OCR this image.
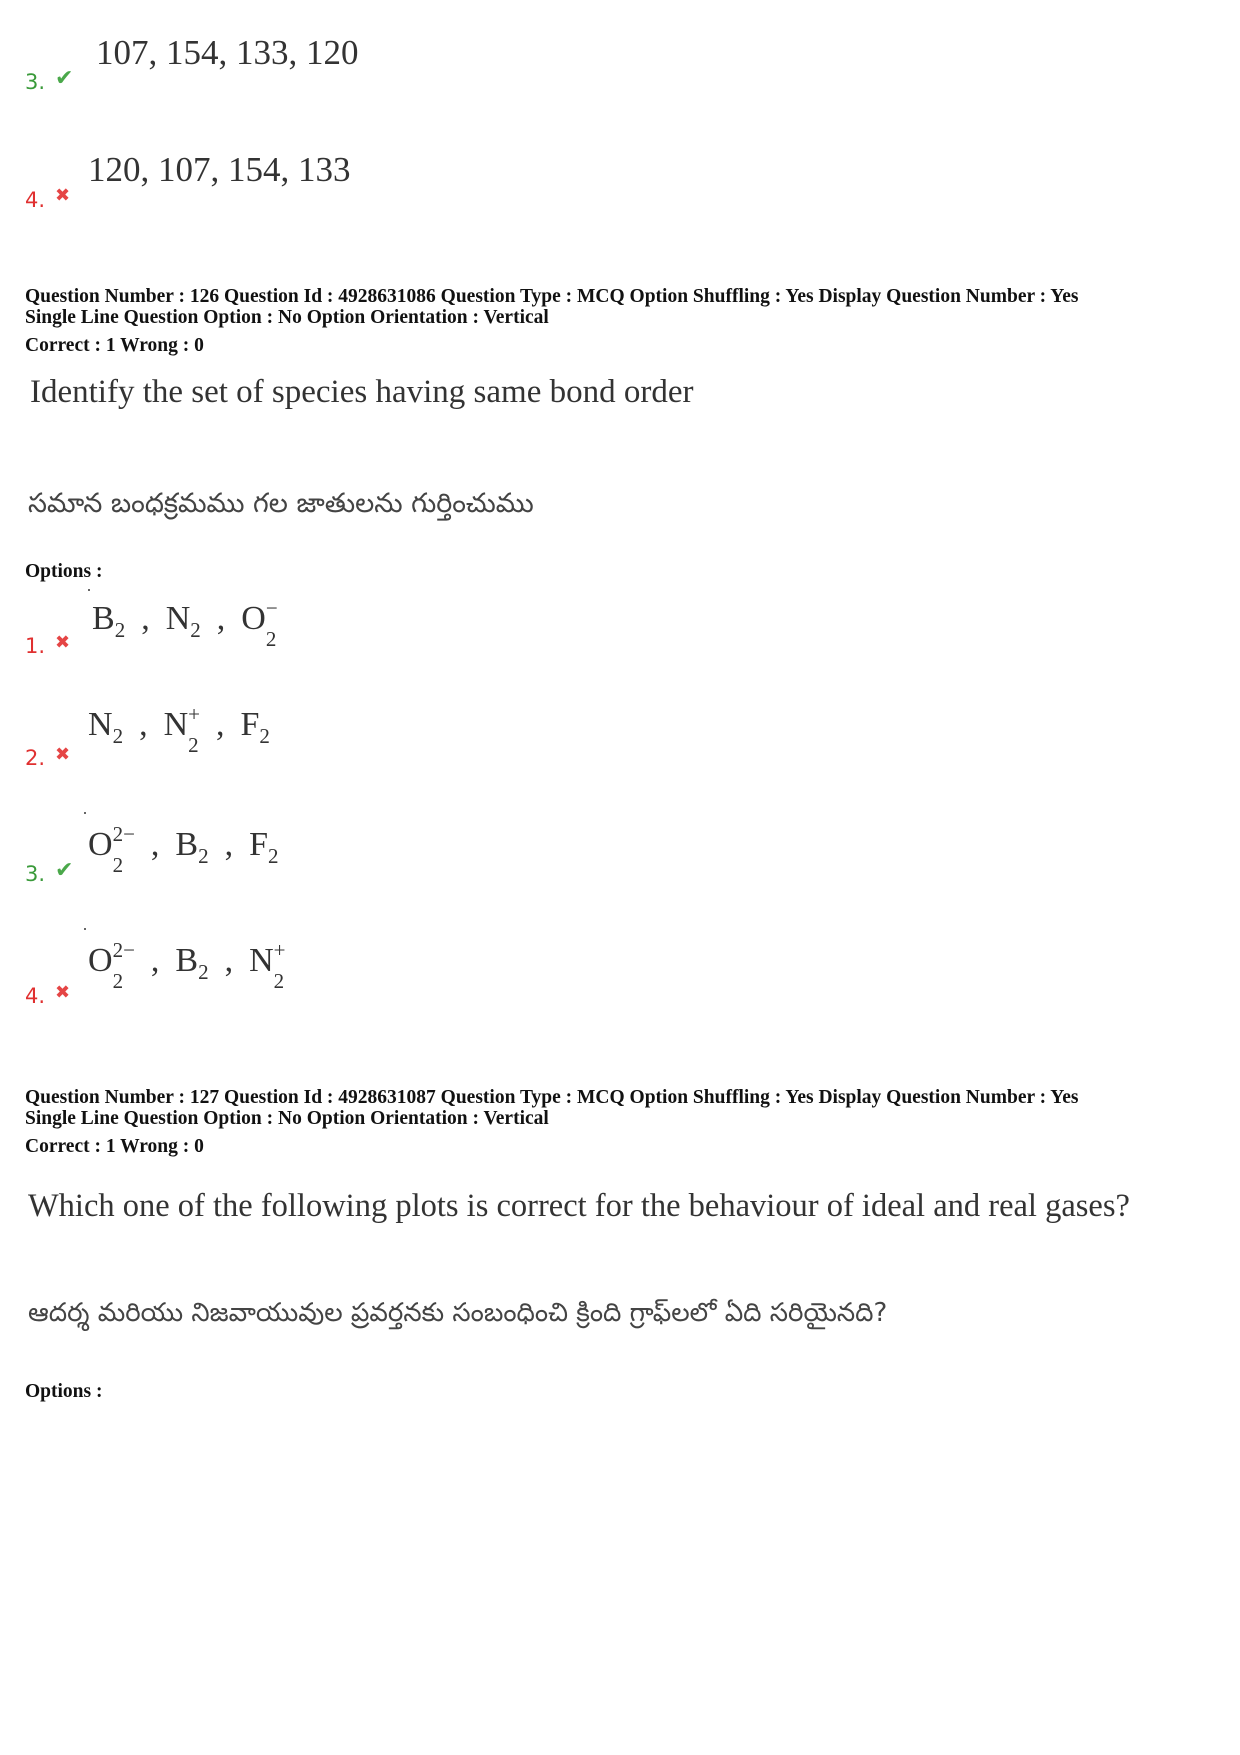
3. ✔
107, 154, 133, 120
4. ✖
120, 107, 154, 133
Question Number : 126 Question Id : 4928631086 Question Type : MCQ Option Shuffling : Yes Display Question Number : Yes
Single Line Question Option : No Option Orientation : Vertical
Correct : 1 Wrong : 0
Identify the set of species having same bond order
సమాన బంధక్రమము గల జాతులను గుర్తించుము
Options :
1. ✖
$B_2$ , $N_2$ , O −
2
2. ✖
$N_2$ , N +
2
, $F_2$
3. ✔
O 2−
2
, $B_2$ , $F_2$
4. ✖
O 2−
2
, $B_2$ , N +
2
Question Number : 127 Question Id : 4928631087 Question Type : MCQ Option Shuffling : Yes Display Question Number : Yes
Single Line Question Option : No Option Orientation : Vertical
Correct : 1 Wrong : 0
Which one of the following plots is correct for the behaviour of ideal and real gases?
ఆదర్శ మరియు నిజవాయువుల ప్రవర్తనకు సంబంధించి క్రింది గ్రాఫ్‌లలో ఏది సరియైనది?
Options :
